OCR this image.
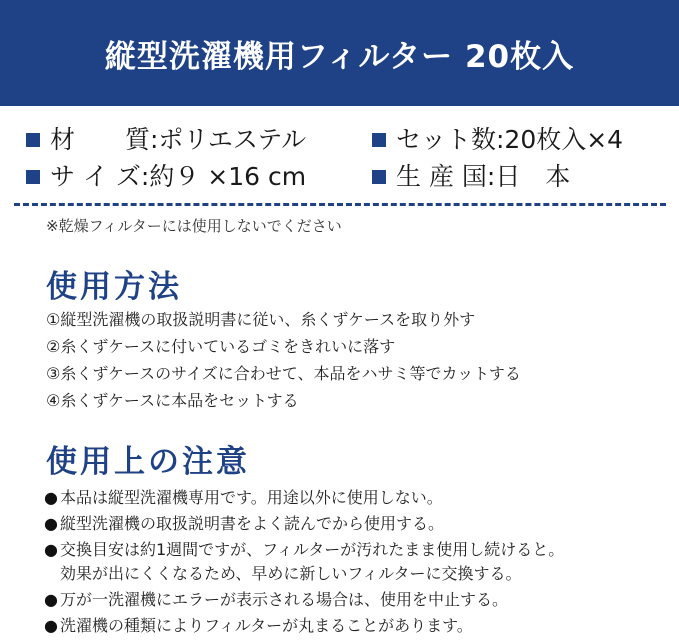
縦型洗濯機用フィルター 20枚入
材　　質:ポリエステル	セット数:20枚入×4
サ イ ズ:約９ ×16 cm	生 産 国:日　本
※乾燥フィルターには使用しないでください
使用方法
①縦型洗濯機の取扱説明書に従い、糸くずケースを取り外す
②糸くずケースに付いているゴミをきれいに落す
③糸くずケースのサイズに合わせて、本品をハサミ等でカットする
④糸くずケースに本品をセットする
使用上の注意
● 本品は縦型洗濯機専用です。用途以外に使用しない。
● 縦型洗濯機の取扱説明書をよく読んでから使用する。
● 交換目安は約1週間ですが、フィルターが汚れたまま使用し続けると。
効果が出にくくなるため、早めに新しいフィルターに交換する。
● 万が一洗濯機にエラーが表示される場合は、使用を中止する。
● 洗濯機の種類によりフィルターが丸まることがあります。
